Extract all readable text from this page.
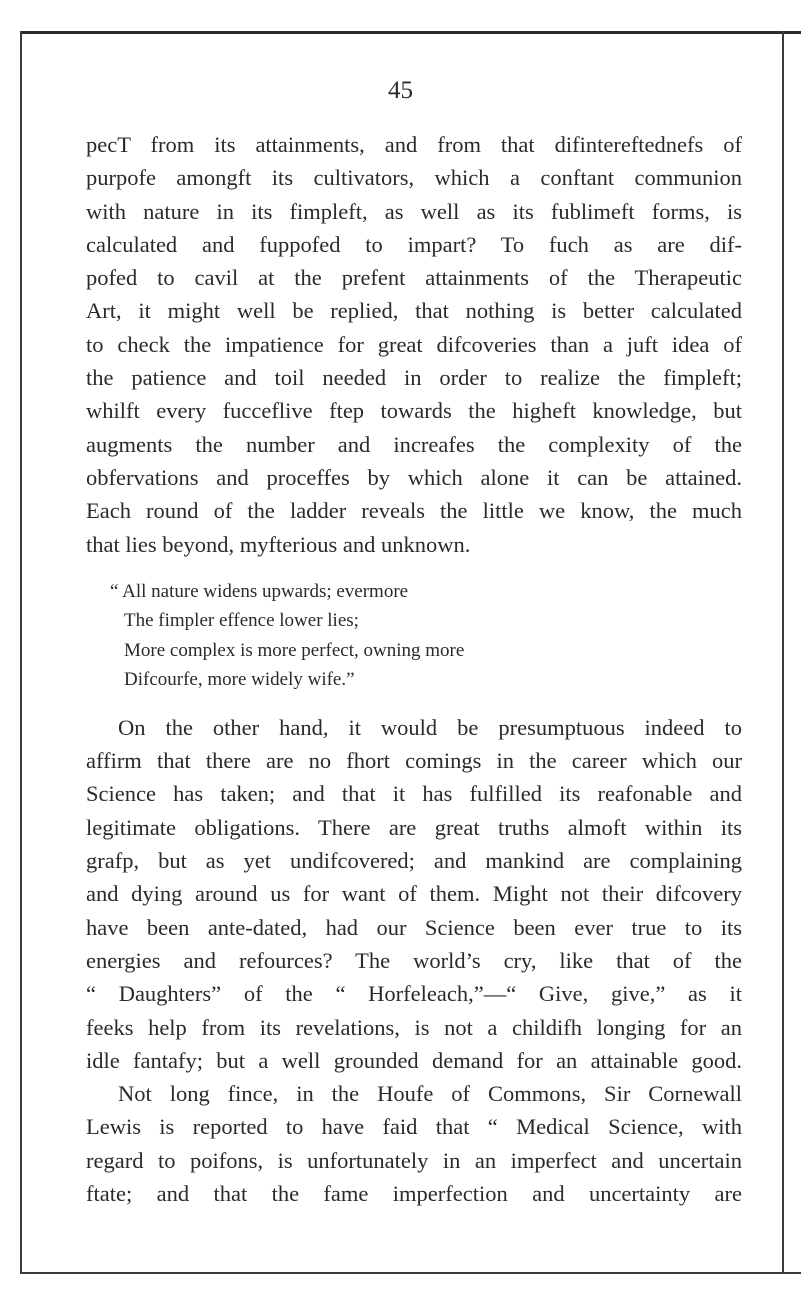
45
pecT from its attainments, and from that difintereftednefs of
purpofe amongft its cultivators, which a conftant communion
with nature in its fimpleft, as well as its fublimeft forms, is
calculated and fuppofed to impart? To fuch as are dif-
pofed to cavil at the prefent attainments of the Therapeutic
Art, it might well be replied, that nothing is better calculated
to check the impatience for great difcoveries than a juft idea of
the patience and toil needed in order to realize the fimpleft;
whilft every fucceflive ftep towards the higheft knowledge, but
augments the number and increafes the complexity of the
obfervations and proceffes by which alone it can be attained.
Each round of the ladder reveals the little we know, the much
that lies beyond, myfterious and unknown.
“ All nature widens upwards; evermore
The fimpler effence lower lies;
More complex is more perfect, owning more
Difcourfe, more widely wife.”
On the other hand, it would be presumptuous indeed to
affirm that there are no fhort comings in the career which our
Science has taken; and that it has fulfilled its reafonable and
legitimate obligations. There are great truths almoft within its
grafp, but as yet undifcovered; and mankind are complaining
and dying around us for want of them. Might not their difcovery
have been ante-dated, had our Science been ever true to its
energies and refources? The world’s cry, like that of the
“ Daughters” of the “ Horfeleach,”—“ Give, give,” as it
feeks help from its revelations, is not a childifh longing for an
idle fantafy; but a well grounded demand for an attainable good.
Not long fince, in the Houfe of Commons, Sir Cornewall
Lewis is reported to have faid that “ Medical Science, with
regard to poifons, is unfortunately in an imperfect and uncertain
ftate; and that the fame imperfection and uncertainty are
